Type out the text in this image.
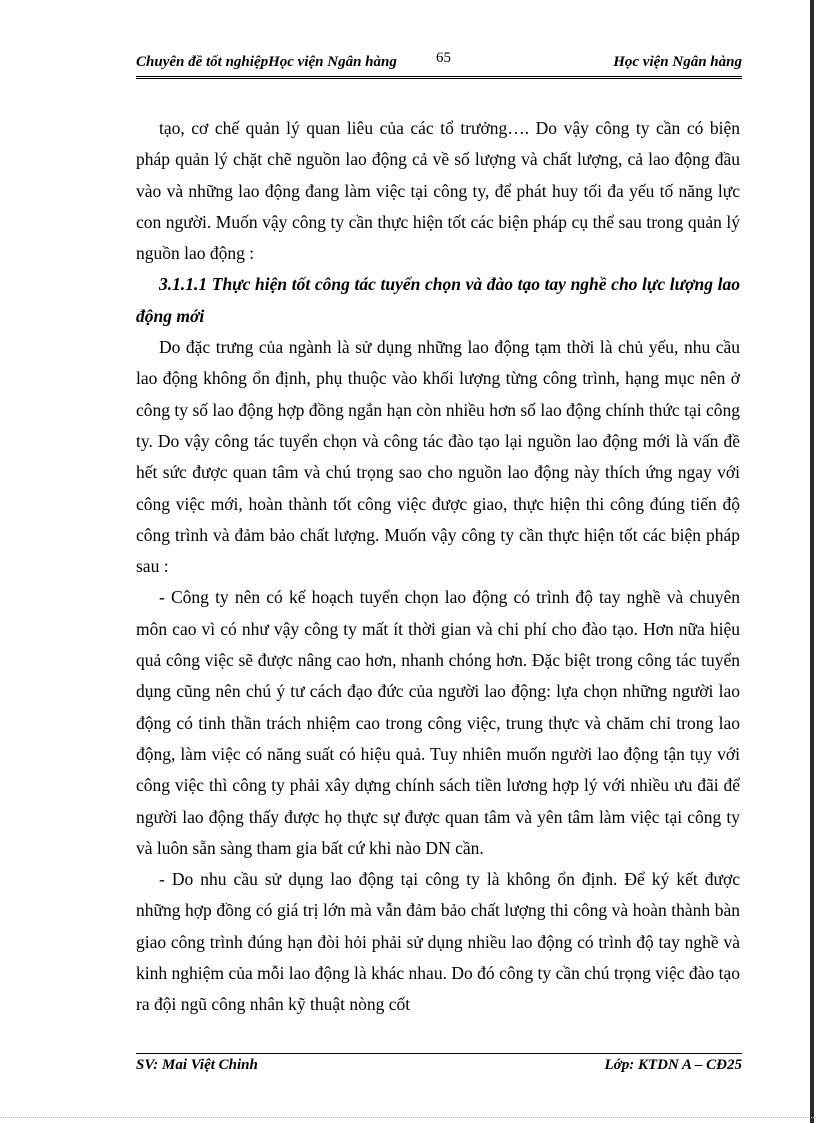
Chuyên đề tốt nghiệpHọc viện Ngân hàng	65	Học viện Ngân hàng

tạo, cơ chế quản lý quan liêu của các tổ trưởng…. Do vậy công ty cần có biện pháp quản lý chặt chẽ nguồn lao động cả về số lượng và chất lượng, cả lao động đầu vào và những lao động đang làm việc tại công ty, để phát huy tối đa yếu tố năng lực con người. Muốn vậy công ty cần thực hiện tốt các biện pháp cụ thể sau trong quản lý nguồn lao động :

3.1.1.1 Thực hiện tốt công tác tuyển chọn và đào tạo tay nghề cho lực lượng lao động mới

Do đặc trưng của ngành là sử dụng những lao động tạm thời là chủ yếu, nhu cầu lao động không ổn định, phụ thuộc vào khối lượng từng công trình, hạng mục nên ở công ty số lao động hợp đồng ngắn hạn còn nhiều hơn số lao động chính thức tại công ty. Do vậy công tác tuyển chọn và công tác đào tạo lại nguồn lao động mới là vấn đề hết sức được quan tâm và chú trọng sao cho nguồn lao động này thích ứng ngay với công việc mới, hoàn thành tốt công việc được giao, thực hiện thi công đúng tiến độ công trình và đảm bảo chất lượng. Muốn vậy công ty cần thực hiện tốt các biện pháp sau :

- Công ty nên có kế hoạch tuyển chọn lao động có trình độ tay nghề và chuyên môn cao vì có như vậy công ty mất ít thời gian và chi phí cho đào tạo. Hơn nữa hiệu quả công việc sẽ được nâng cao hơn, nhanh chóng hơn. Đặc biệt trong công tác tuyển dụng cũng nên chú ý tư cách đạo đức của người lao động: lựa chọn những người lao động có tinh thần trách nhiệm cao trong công việc, trung thực và chăm chỉ trong lao động, làm việc có năng suất có hiệu quả. Tuy nhiên muốn người lao động tận tụy với công việc thì công ty phải xây dựng chính sách tiền lương hợp lý với nhiều ưu đãi để người lao động thấy được họ thực sự được quan tâm và yên tâm làm việc tại công ty và luôn sẵn sàng tham gia bất cứ khi nào DN cần.

- Do nhu cầu sử dụng lao động tại công ty là không ổn định. Để ký kết được những hợp đồng có giá trị lớn mà vẫn đảm bảo chất lượng thi công và hoàn thành bàn giao công trình đúng hạn đòi hỏi phải sử dụng nhiều lao động có trình độ tay nghề và kinh nghiệm của mỗi lao động là khác nhau. Do đó công ty cần chú trọng việc đào tạo ra đội ngũ công nhân kỹ thuật nòng cốt

SV: Mai Việt Chinh	Lớp: KTDN A – CĐ25
